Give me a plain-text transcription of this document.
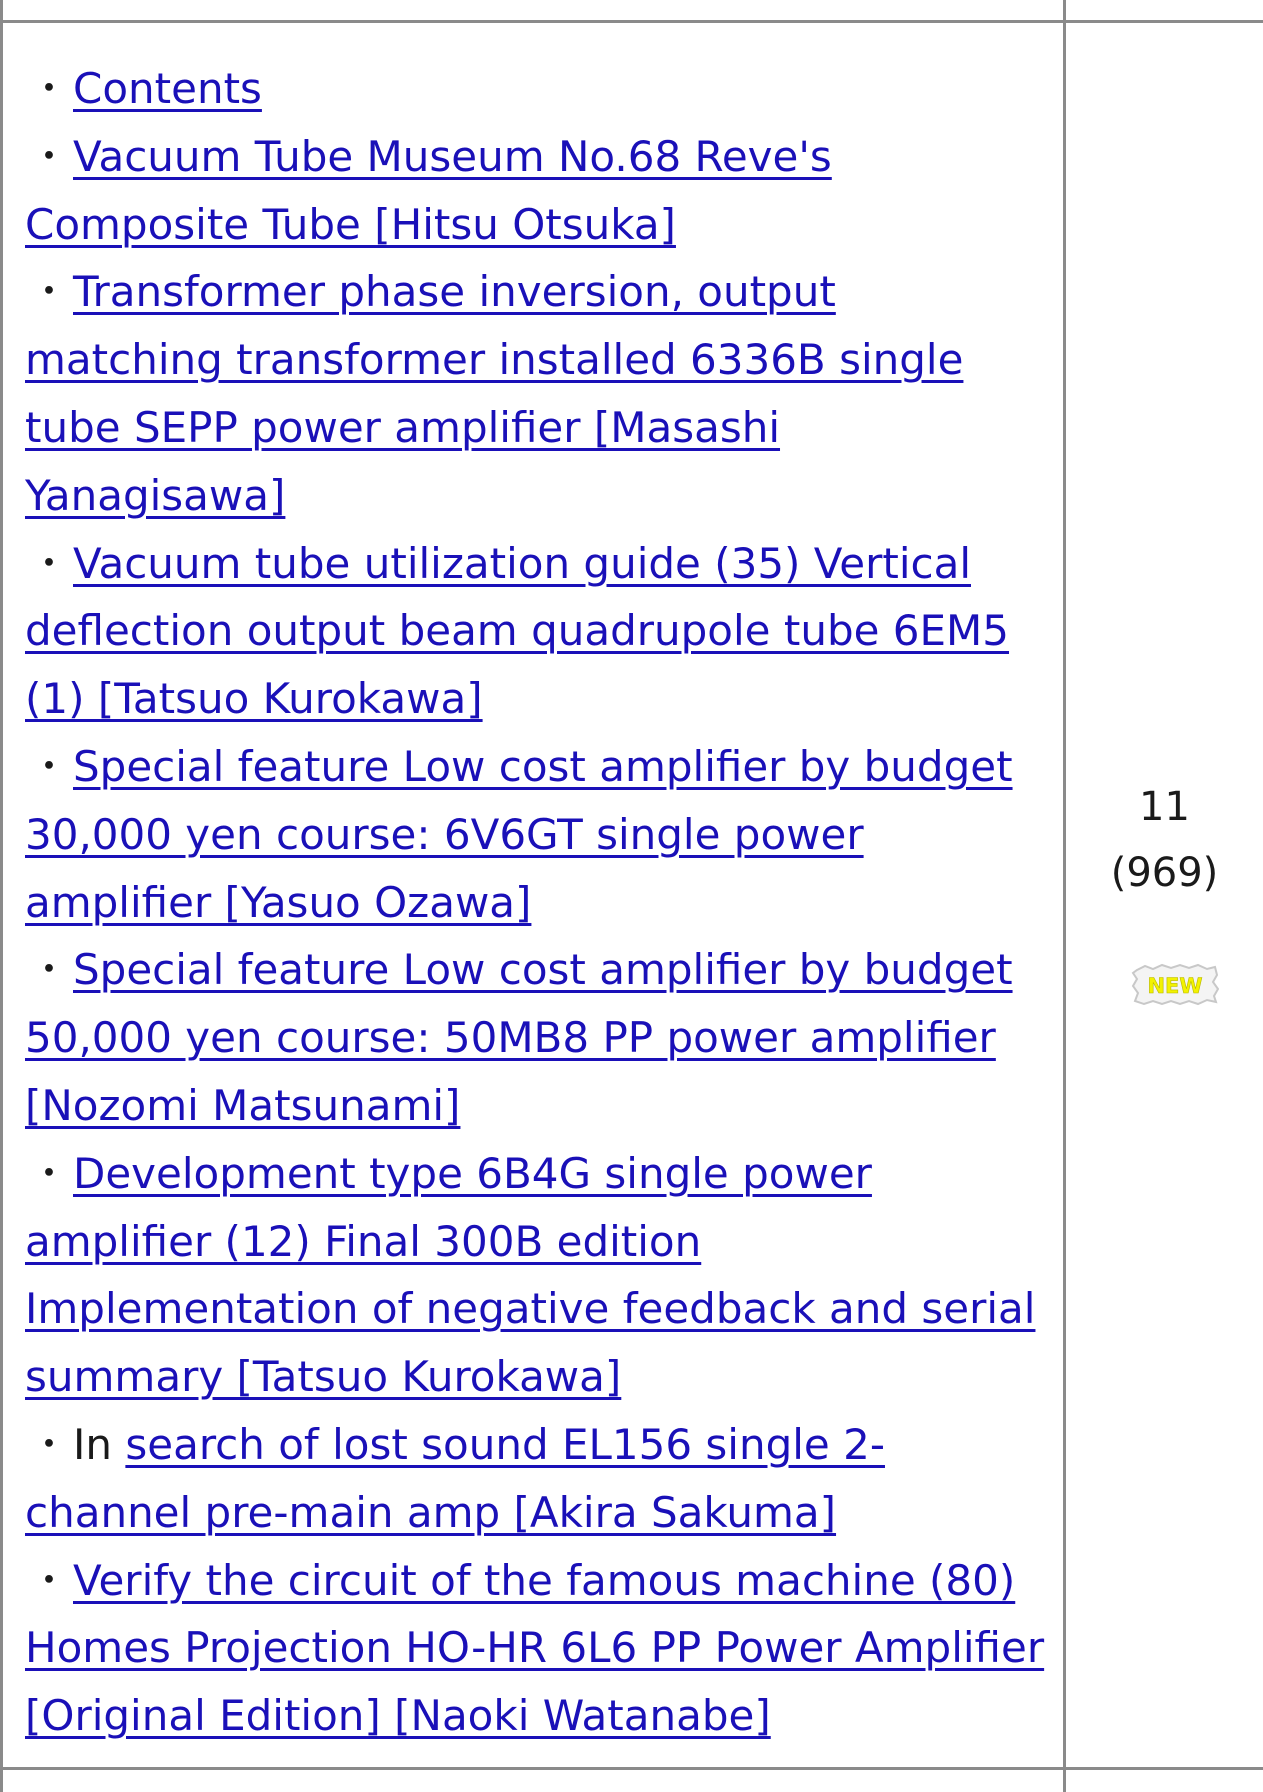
・Contents
・Vacuum Tube Museum No.68 Reve's Composite Tube [Hitsu Otsuka]
・Transformer phase inversion, output matching transformer installed 6336B single tube SEPP power amplifier [Masashi Yanagisawa]
・Vacuum tube utilization guide (35) Vertical deflection output beam quadrupole tube 6EM5 (1) [Tatsuo Kurokawa]
・Special feature Low cost amplifier by budget 30,000 yen course: 6V6GT single power amplifier [Yasuo Ozawa]
・Special feature Low cost amplifier by budget 50,000 yen course: 50MB8 PP power amplifier [Nozomi Matsunami]
・Development type 6B4G single power amplifier (12) Final 300B edition Implementation of negative feedback and serial summary [Tatsuo Kurokawa]
・In search of lost sound EL156 single 2-channel pre-main amp [Akira Sakuma]
・Verify the circuit of the famous machine (80) Homes Projection HO-HR 6L6 PP Power Amplifier [Original Edition] [Naoki Watanabe]
11
(969)
NEW
